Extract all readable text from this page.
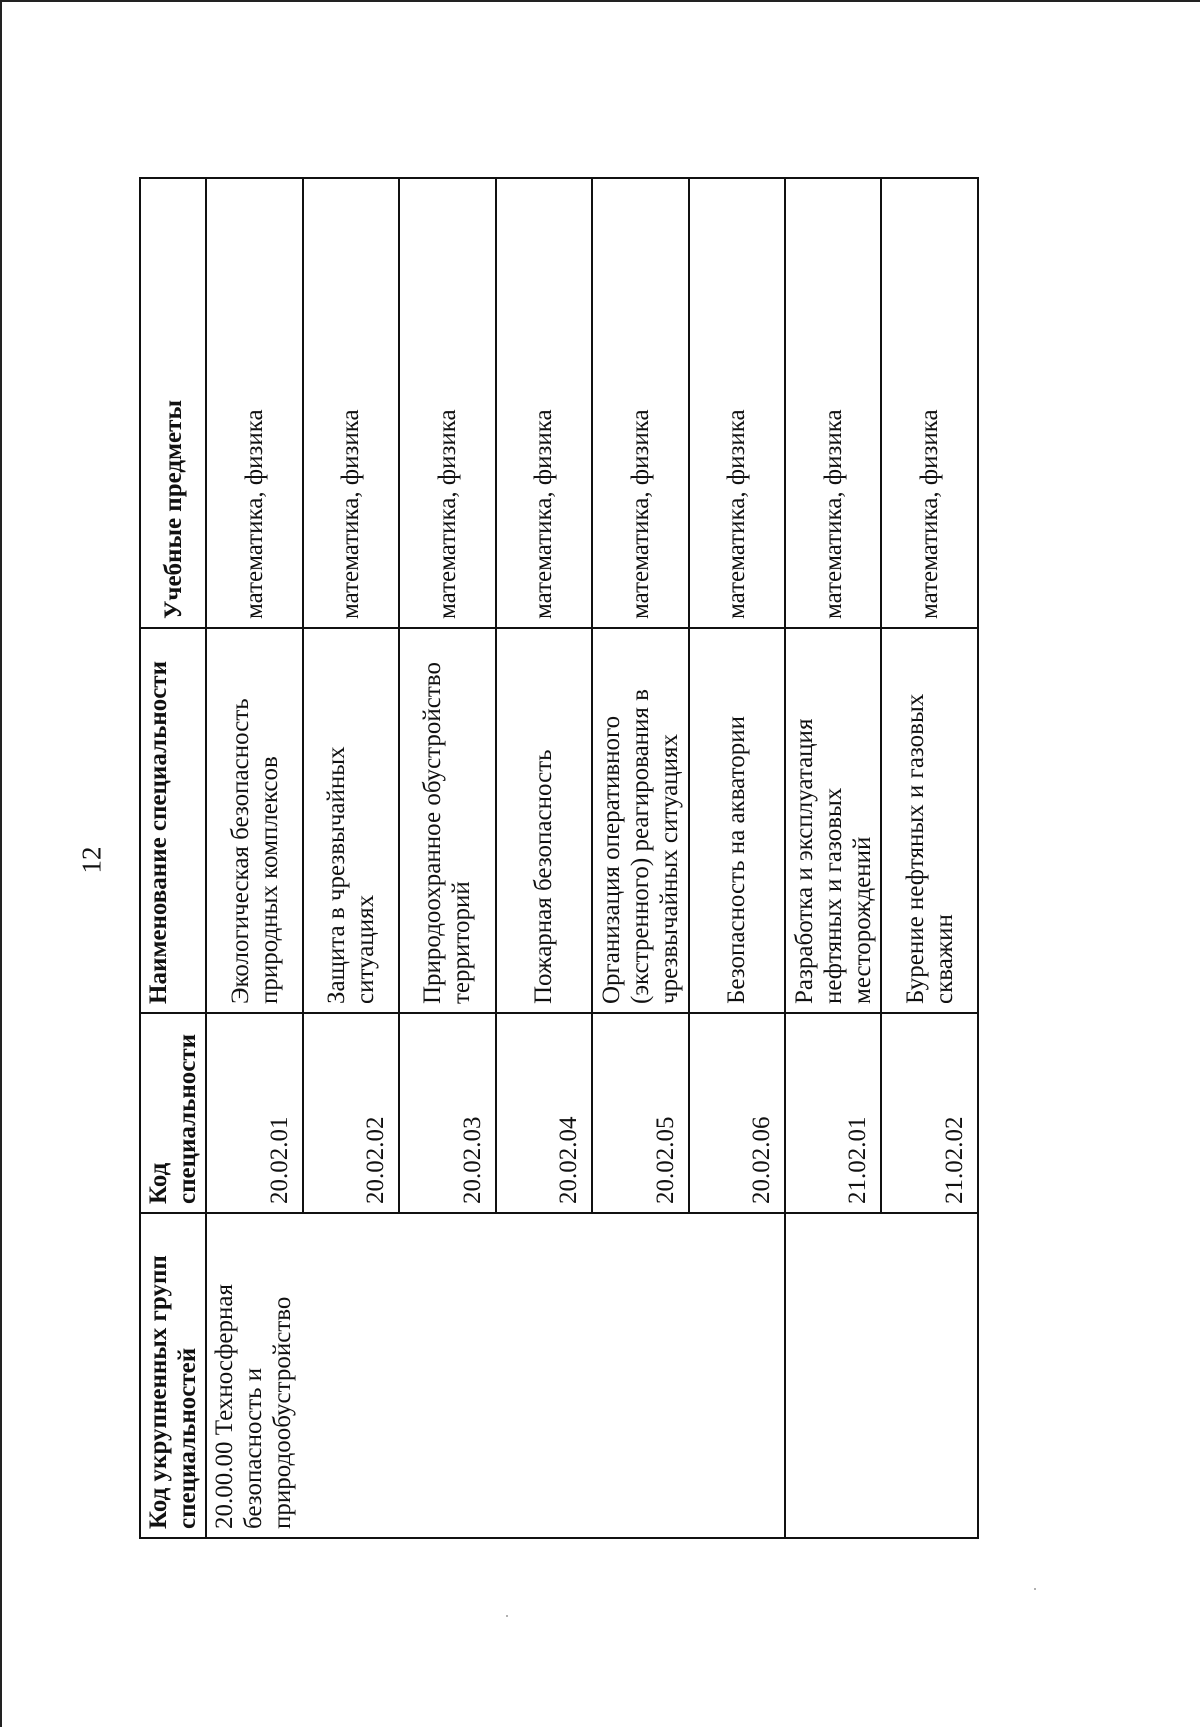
12
Код укрупненных групп специальностей	Код специальности	Наименование специальности	Учебные предметы
20.00.00 Техносферная безопасность и природообустройство	20.02.01	Экологическая безопасность природных комплексов	математика, физика
	20.02.02	Защита в чрезвычайных ситуациях	математика, физика
	20.02.03	Природоохранное обустройство территорий	математика, физика
	20.02.04	Пожарная безопасность	математика, физика
	20.02.05	Организация оперативного (экстренного) реагирования в чрезвычайных ситуациях	математика, физика
	20.02.06	Безопасность на акватории	математика, физика
	21.02.01	Разработка и эксплуатация нефтяных и газовых месторождений	математика, физика
	21.02.02	Бурение нефтяных и газовых скважин	математика, физика
